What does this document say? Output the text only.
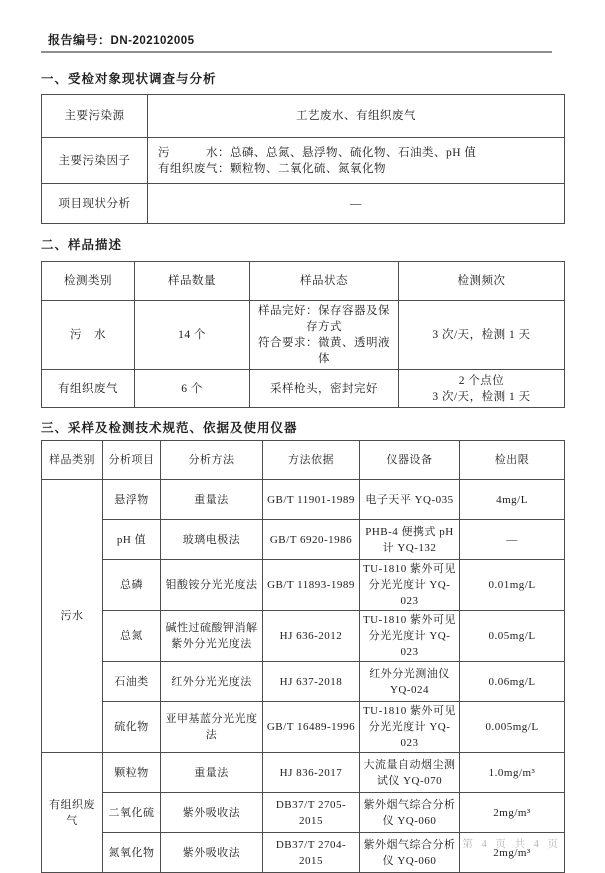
报告编号：DN-202102005
一、受检对象现状调查与分析
主要污染源	工艺废水、有组织废气
主要污染因子	污　　　水：总磷、总氮、悬浮物、硫化物、石油类、pH 值
有组织废气：颗粒物、二氧化硫、氮氧化物

项目现状分析	—
二、样品描述
检测类别	样品数量	样品状态	检测频次
污　水	14 个	样品完好：保存容器及保存方式
符合要求：微黄、透明液体	3 次/天，检测 1 天

有组织废气	6 个	采样枪头，密封完好	2 个点位
3 次/天，检测 1 天
三、采样及检测技术规范、依据及使用仪器
样品类别	分析项目	分析方法	方法依据	仪器设备	检出限
污水	悬浮物	重量法	GB/T 11901-1989	电子天平 YQ-035	4mg/L
	pH 值	玻璃电极法	GB/T 6920-1986	PHB-4 便携式 pH 计 YQ-132	—
	总磷	钼酸铵分光光度法	GB/T 11893-1989	TU-1810 紫外可见分光光度计 YQ-023	0.01mg/L
	总氮	碱性过硫酸钾消解紫外分光光度法	HJ 636-2012	TU-1810 紫外可见分光光度计 YQ-023	0.05mg/L
	石油类	红外分光光度法	HJ 637-2018	红外分光测油仪 YQ-024	0.06mg/L
	硫化物	亚甲基蓝分光光度法	GB/T 16489-1996	TU-1810 紫外可见分光光度计 YQ-023	0.005mg/L
有组织废气	颗粒物	重量法	HJ 836-2017	大流量自动烟尘测试仪 YQ-070	1.0mg/m³
	二氧化硫	紫外吸收法	DB37/T 2705-2015	紫外烟气综合分析仪 YQ-060	2mg/m³
	氮氧化物	紫外吸收法	DB37/T 2704-2015	紫外烟气综合分析仪 YQ-060	2mg/m³
第 4 页 共 4 页
